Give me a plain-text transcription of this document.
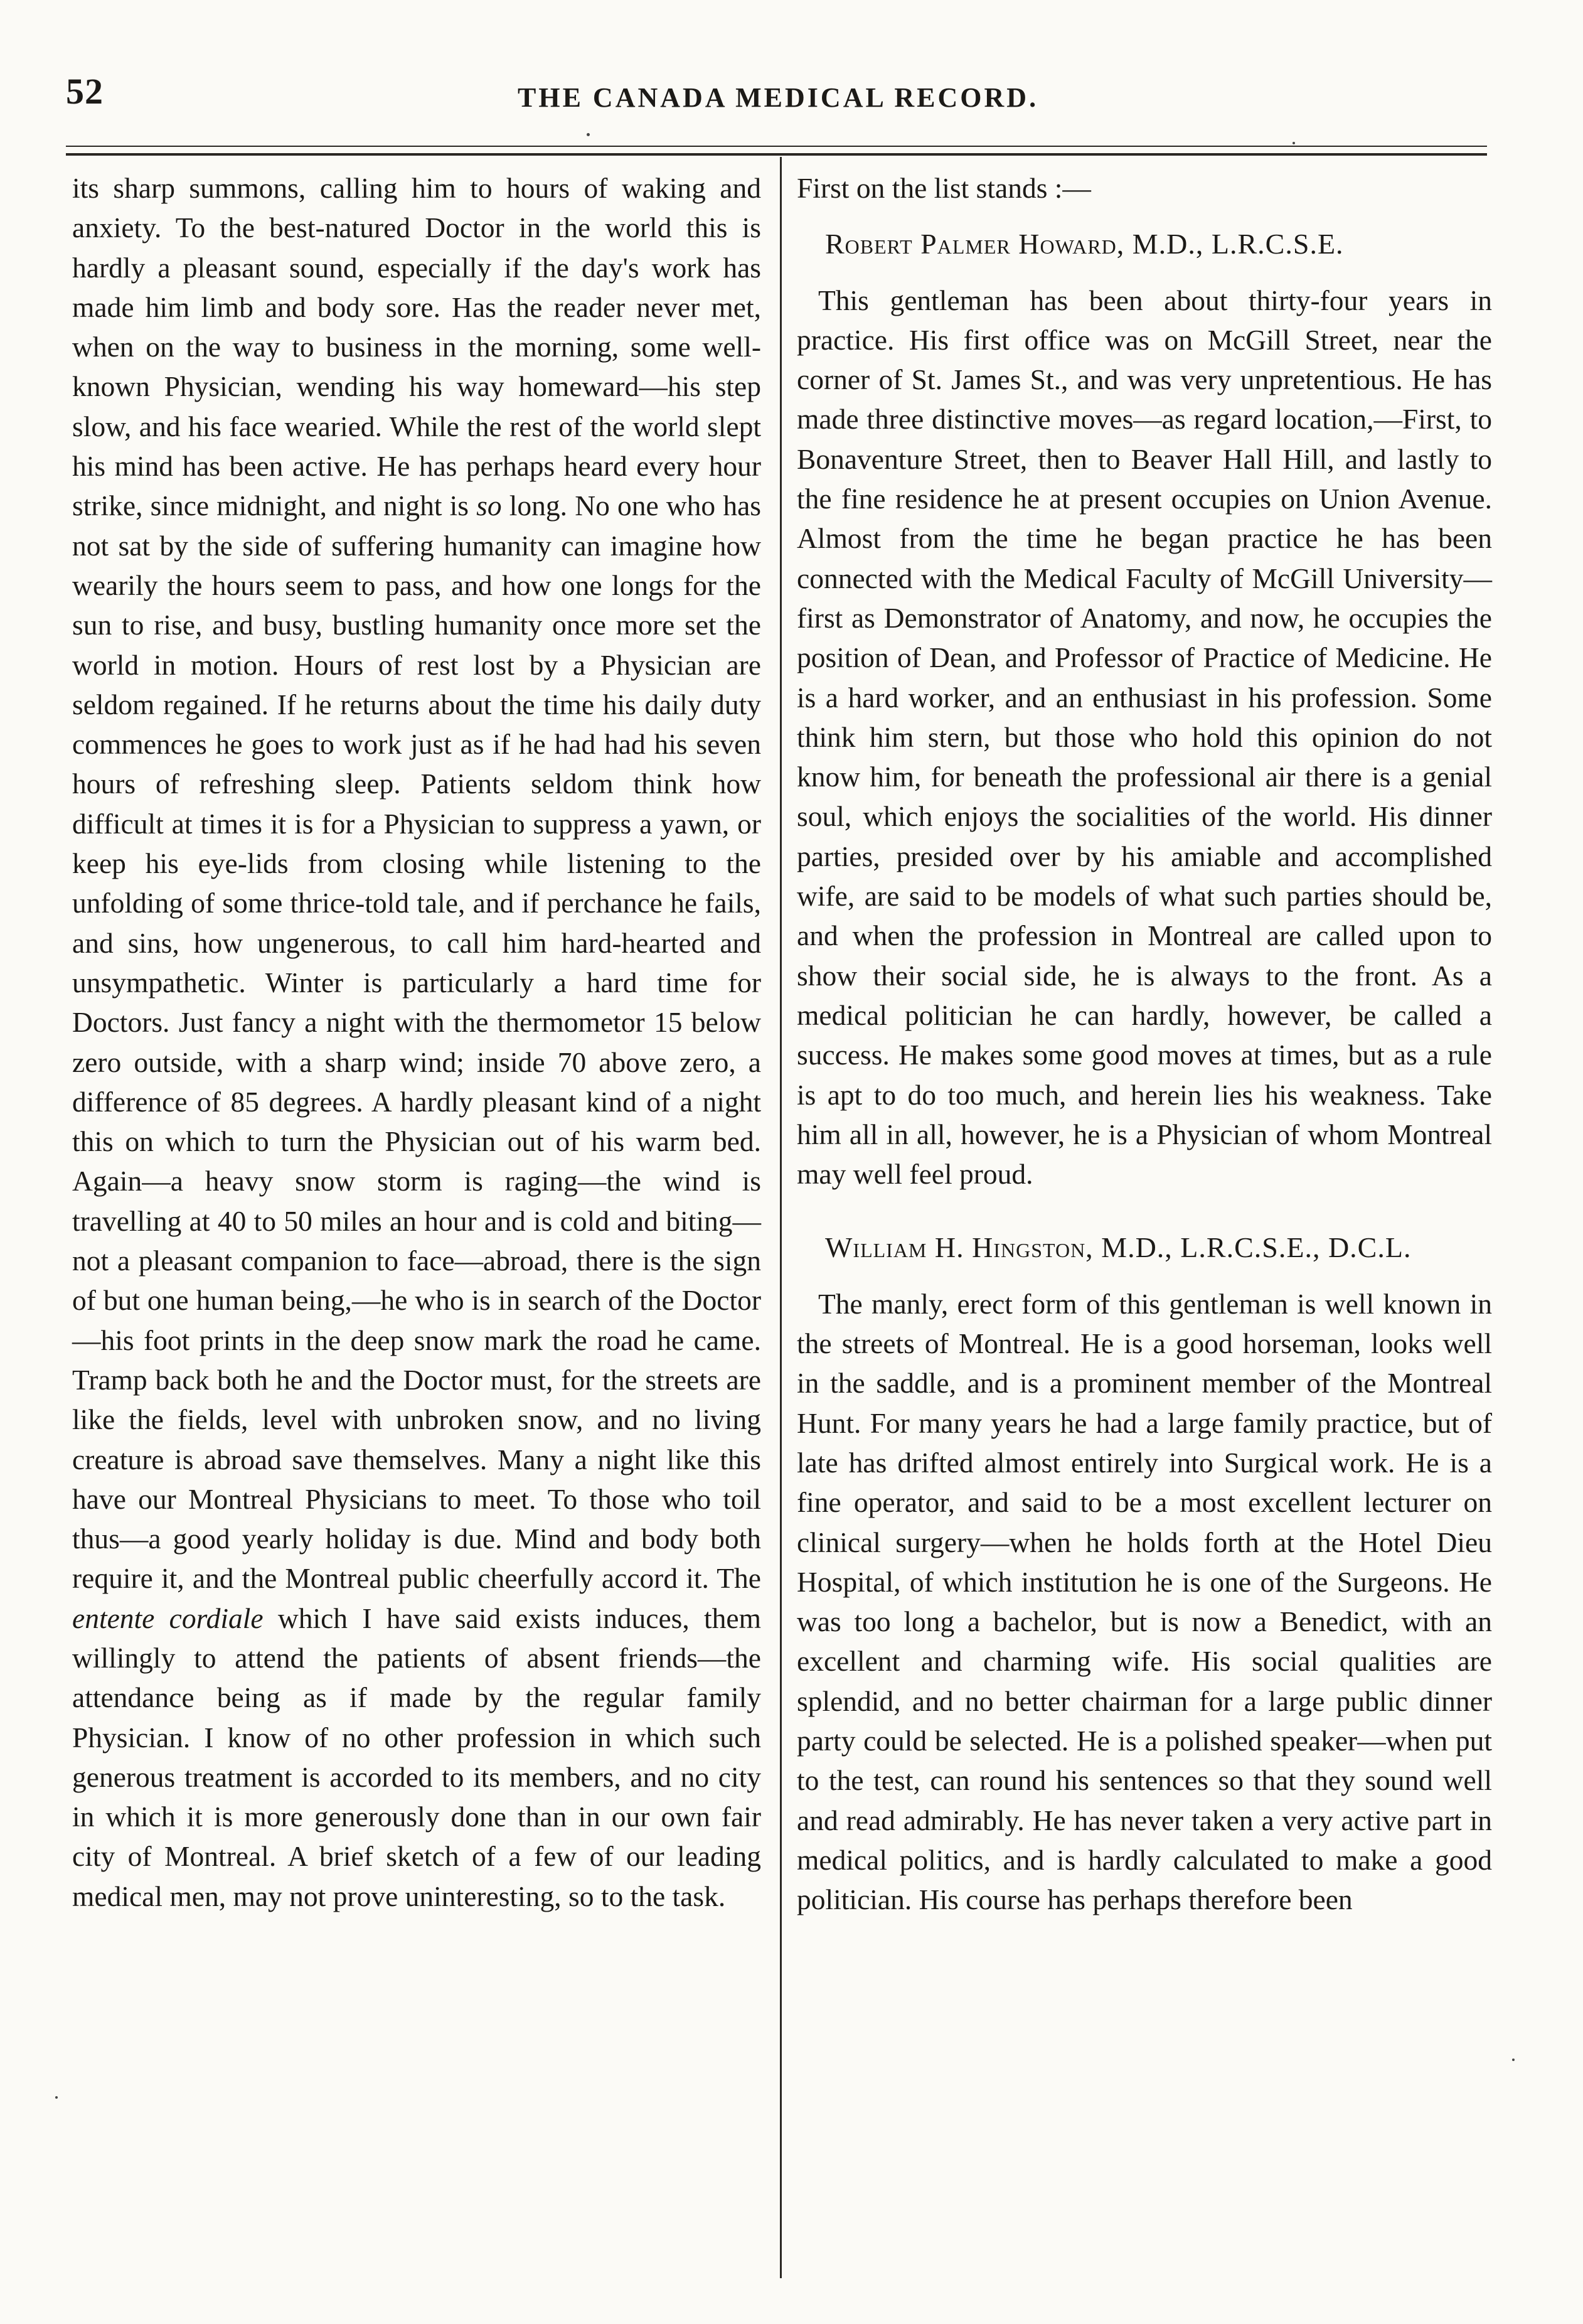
52	THE CANADA MEDICAL RECORD.

its sharp summons, calling him to hours of waking and anxiety. To the best-natured Doctor in the world this is hardly a pleasant sound, especially if the day's work has made him limb and body sore. Has the reader never met, when on the way to business in the morning, some well-known Physician, wending his way homeward—his step slow, and his face wearied. While the rest of the world slept his mind has been active. He has perhaps heard every hour strike, since midnight, and night is so long. No one who has not sat by the side of suffering humanity can imagine how wearily the hours seem to pass, and how one longs for the sun to rise, and busy, bustling humanity once more set the world in motion. Hours of rest lost by a Physician are seldom regained. If he returns about the time his daily duty commences he goes to work just as if he had had his seven hours of refreshing sleep. Patients seldom think how difficult at times it is for a Physician to suppress a yawn, or keep his eye-lids from closing while listening to the unfolding of some thrice-told tale, and if perchance he fails, and sins, how ungenerous, to call him hard-hearted and unsympathetic. Winter is particularly a hard time for Doctors. Just fancy a night with the thermometor 15 below zero outside, with a sharp wind; inside 70 above zero, a difference of 85 degrees. A hardly pleasant kind of a night this on which to turn the Physician out of his warm bed. Again—a heavy snow storm is raging—the wind is travelling at 40 to 50 miles an hour and is cold and biting—not a pleasant companion to face—abroad, there is the sign of but one human being,—he who is in search of the Doctor—his foot prints in the deep snow mark the road he came. Tramp back both he and the Doctor must, for the streets are like the fields, level with unbroken snow, and no living creature is abroad save themselves. Many a night like this have our Montreal Physicians to meet. To those who toil thus—a good yearly holiday is due. Mind and body both require it, and the Montreal public cheerfully accord it. The entente cordiale which I have said exists induces, them willingly to attend the patients of absent friends—the attendance being as if made by the regular family Physician. I know of no other profession in which such generous treatment is accorded to its members, and no city in which it is more generously done than in our own fair city of Montreal. A brief sketch of a few of our leading medical men, may not prove uninteresting, so to the task.

First on the list stands :—

Robert Palmer Howard, M.D., L.R.C.S.E.

This gentleman has been about thirty-four years in practice. His first office was on McGill Street, near the corner of St. James St., and was very unpretentious. He has made three distinctive moves—as regard location,—First, to Bonaventure Street, then to Beaver Hall Hill, and lastly to the fine residence he at present occupies on Union Avenue. Almost from the time he began practice he has been connected with the Medical Faculty of McGill University—first as Demonstrator of Anatomy, and now, he occupies the position of Dean, and Professor of Practice of Medicine. He is a hard worker, and an enthusiast in his profession. Some think him stern, but those who hold this opinion do not know him, for beneath the professional air there is a genial soul, which enjoys the socialities of the world. His dinner parties, presided over by his amiable and accomplished wife, are said to be models of what such parties should be, and when the profession in Montreal are called upon to show their social side, he is always to the front. As a medical politician he can hardly, however, be called a success. He makes some good moves at times, but as a rule is apt to do too much, and herein lies his weakness. Take him all in all, however, he is a Physician of whom Montreal may well feel proud.

William H. Hingston, M.D., L.R.C.S.E., D.C.L.

The manly, erect form of this gentleman is well known in the streets of Montreal. He is a good horseman, looks well in the saddle, and is a prominent member of the Montreal Hunt. For many years he had a large family practice, but of late has drifted almost entirely into Surgical work. He is a fine operator, and said to be a most excellent lecturer on clinical surgery—when he holds forth at the Hotel Dieu Hospital, of which institution he is one of the Surgeons. He was too long a bachelor, but is now a Benedict, with an excellent and charming wife. His social qualities are splendid, and no better chairman for a large public dinner party could be selected. He is a polished speaker—when put to the test, can round his sentences so that they sound well and read admirably. He has never taken a very active part in medical politics, and is hardly calculated to make a good politician. His course has perhaps therefore been
